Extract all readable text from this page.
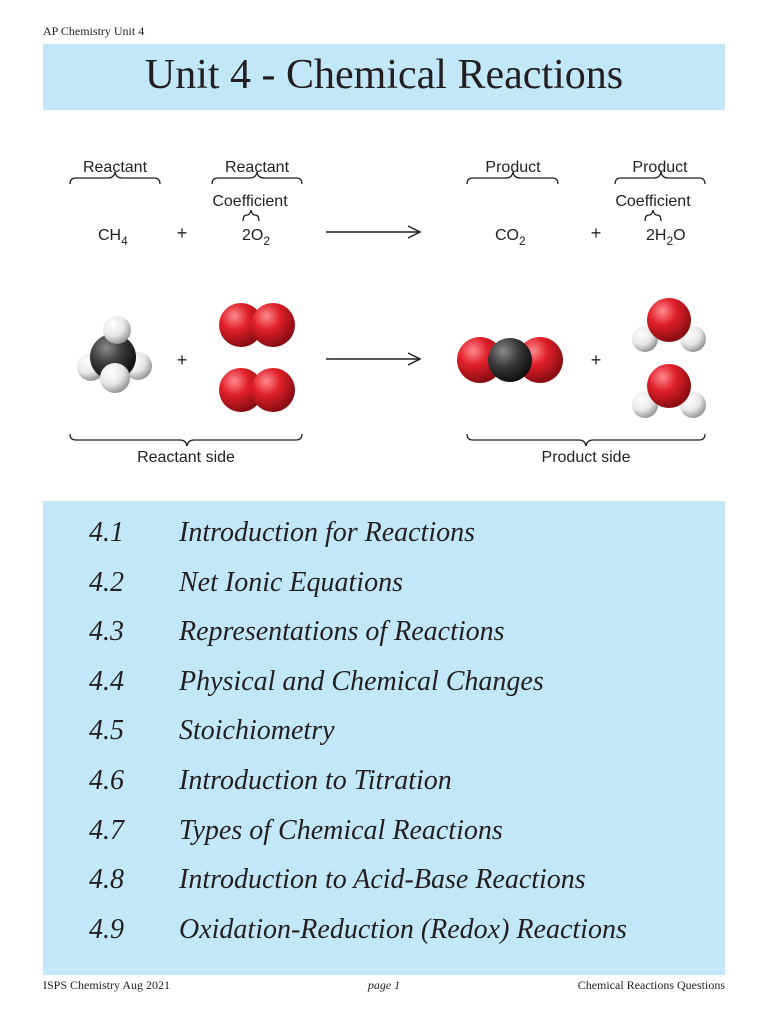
AP Chemistry Unit 4
Unit 4 - Chemical Reactions
Reactant	Reactant	Product	Product
Coefficient	Coefficient
$CH_4$	+	$2O_2$	$CO_2$	+	$2H_2O$
+	+
Reactant side	Product side
4.1	Introduction for Reactions
4.2	Net Ionic Equations
4.3	Representations of Reactions
4.4	Physical and Chemical Changes
4.5	Stoichiometry
4.6	Introduction to Titration
4.7	Types of Chemical Reactions
4.8	Introduction to Acid-Base Reactions
4.9	Oxidation-Reduction (Redox) Reactions
ISPS Chemistry Aug 2021	page 1	Chemical Reactions Questions
